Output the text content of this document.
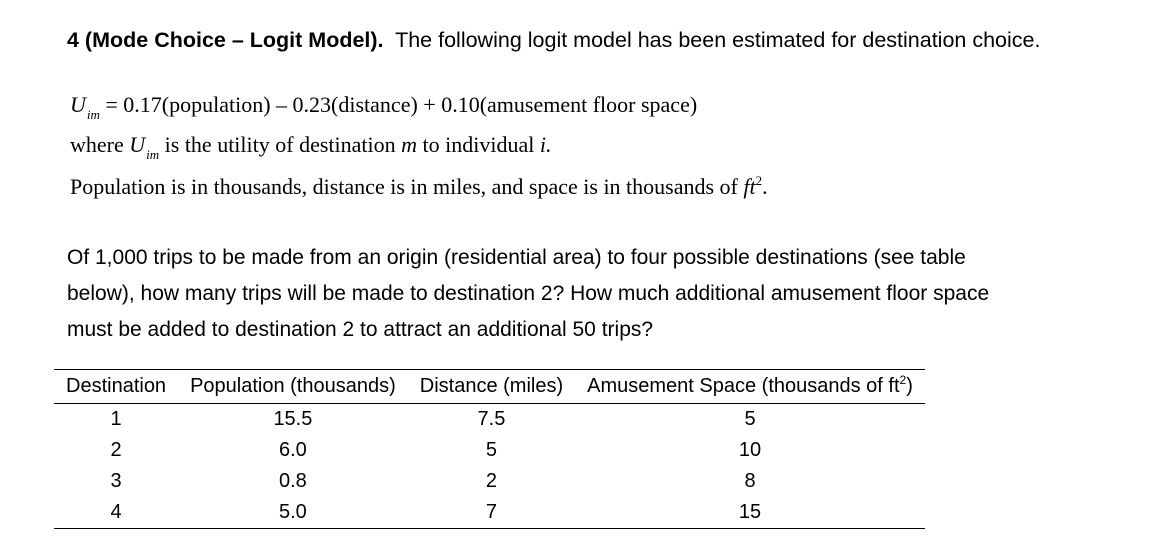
4 (Mode Choice – Logit Model). The following logit model has been estimated for destination choice.
$U_{im}$ = 0.17(population) – 0.23(distance) + 0.10(amusement floor space)
where $U_{im}$ is the utility of destination m to individual i.
Population is in thousands, distance is in miles, and space is in thousands of $ft^2$.
Of 1,000 trips to be made from an origin (residential area) to four possible destinations (see table
below), how many trips will be made to destination 2? How much additional amusement floor space
must be added to destination 2 to attract an additional 50 trips?
Destination	Population (thousands)	Distance (miles)	Amusement Space (thousands of $ft^2$)
1	15.5	7.5	5
2	6.0	5	10
3	0.8	2	8
4	5.0	7	15
